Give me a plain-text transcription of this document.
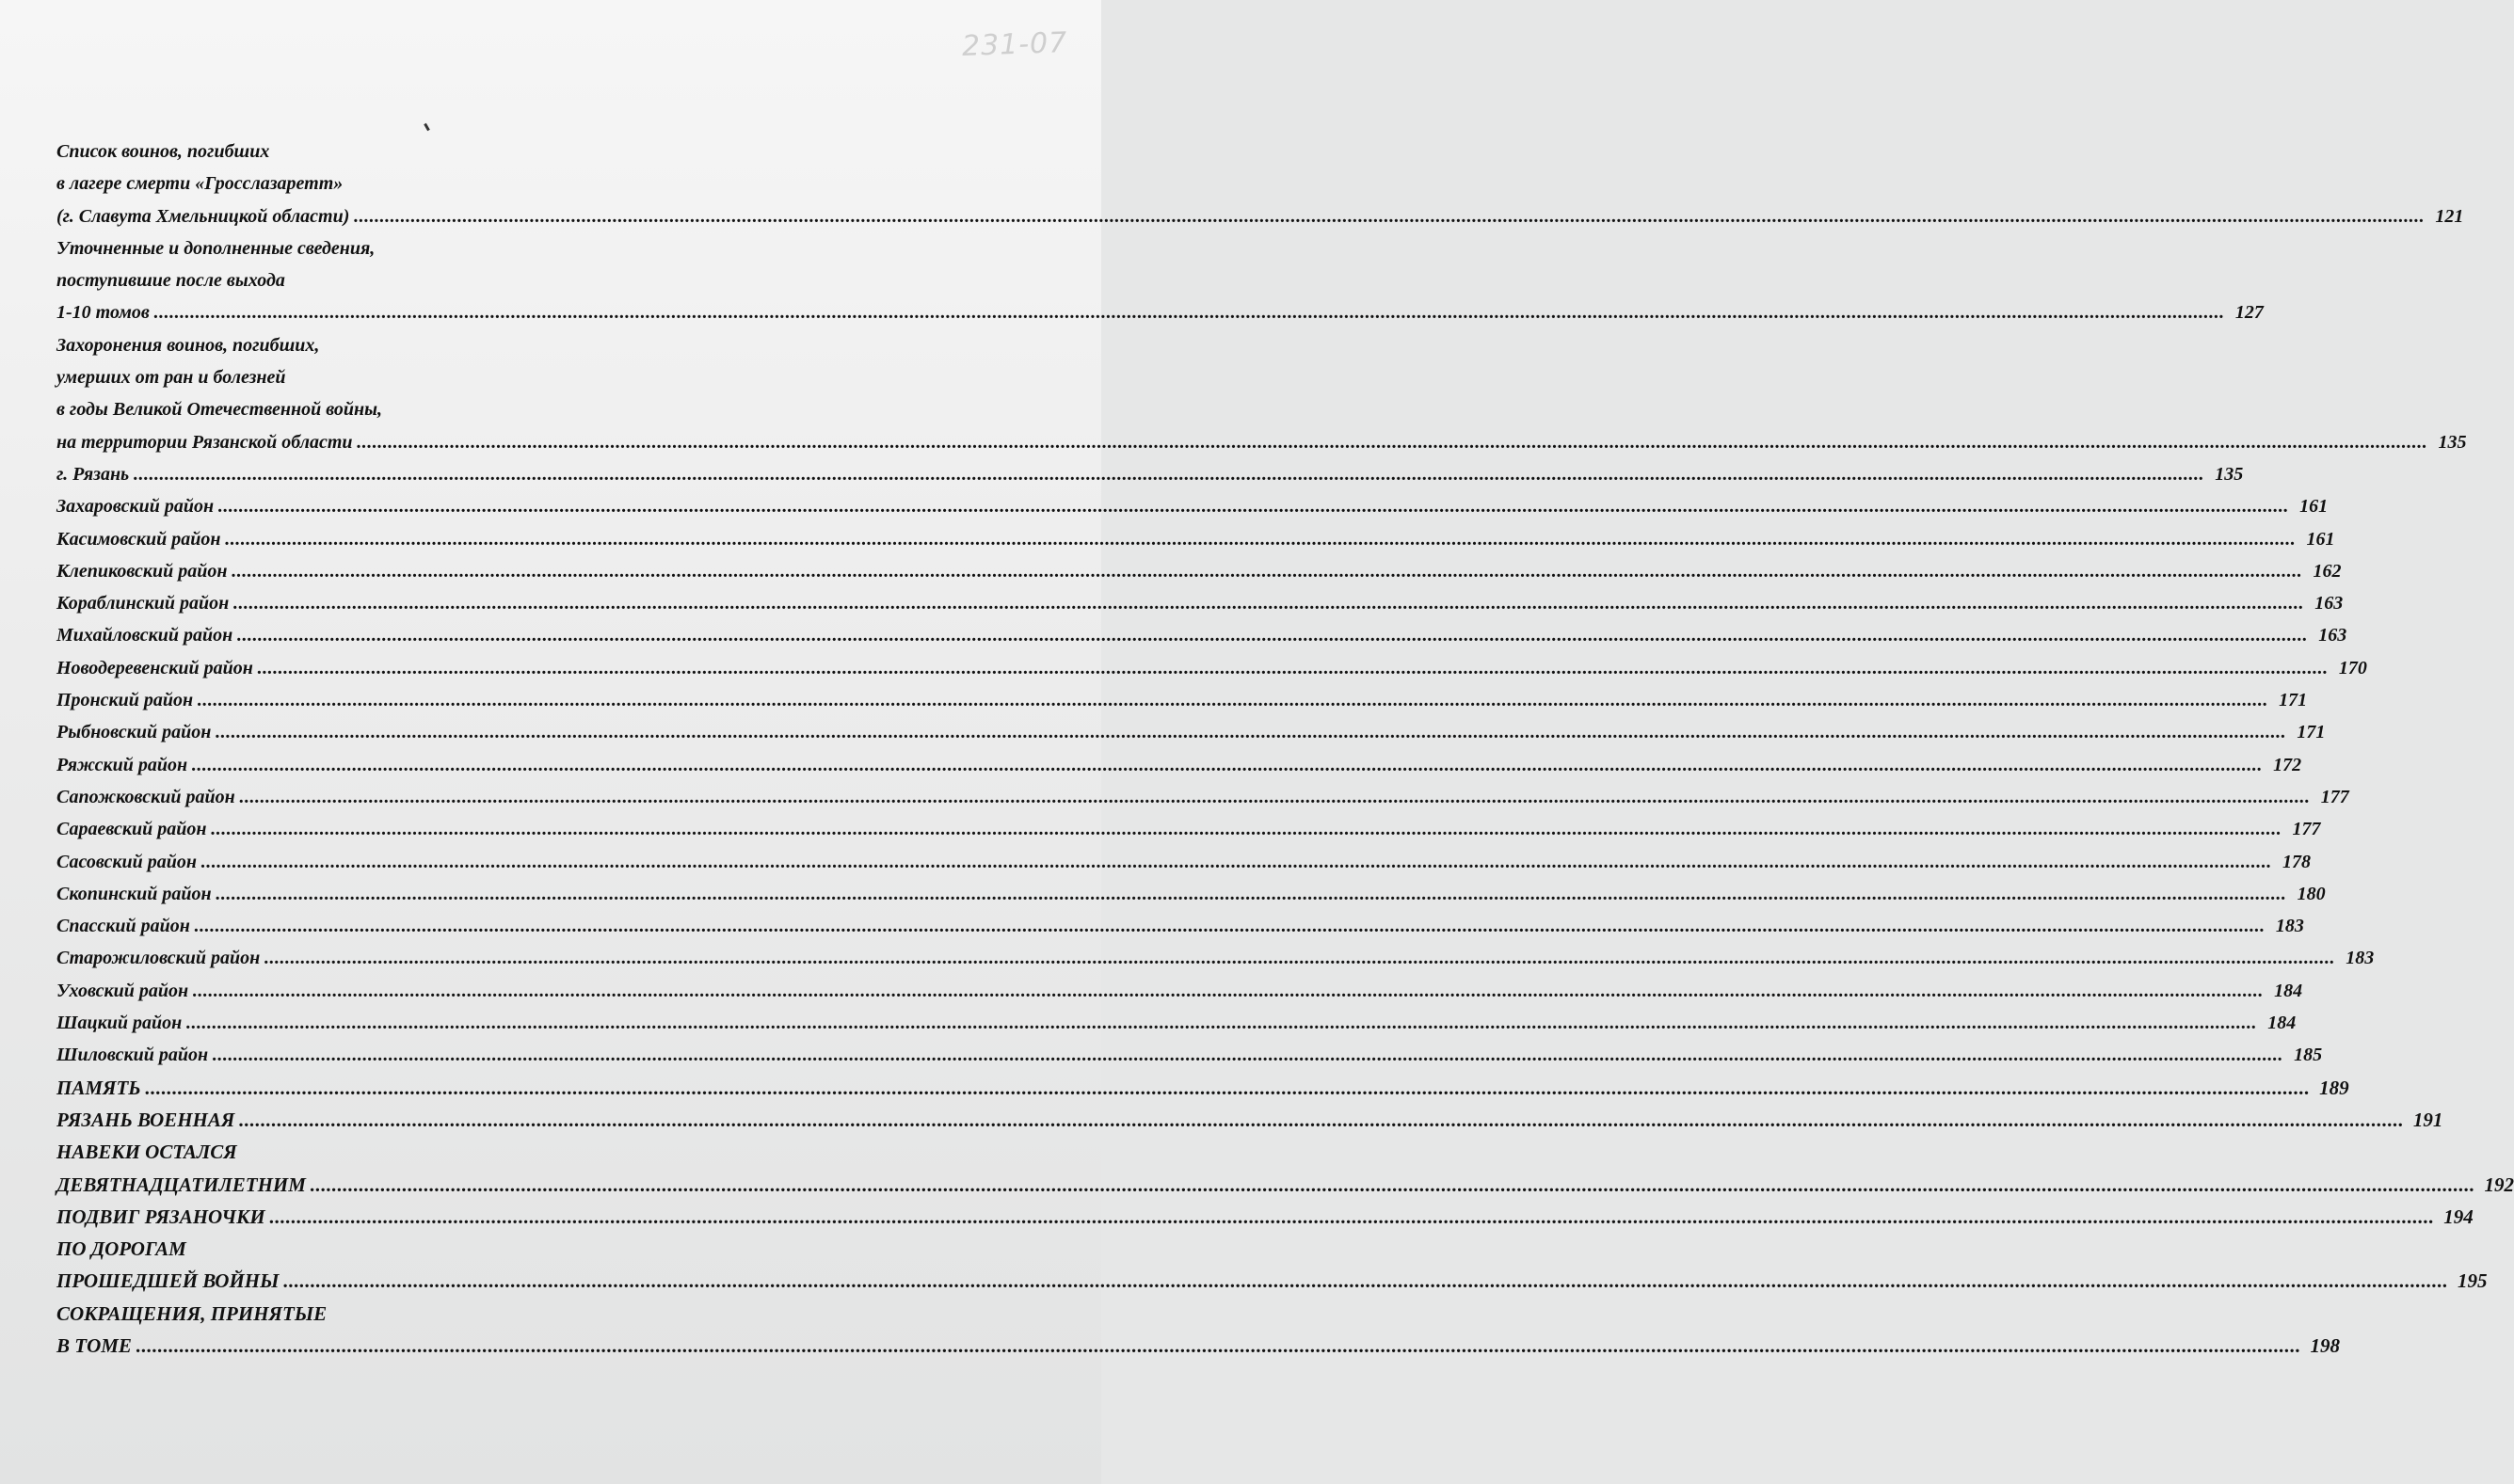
231-07
Список воинов, погибших
в лагере смерти «Гросслазаретт»
(г. Славута Хмельницкой области) ................................................................................................................................................................................................................................................................................................................................................................................................................ 121
Уточненные и дополненные сведения,
поступившие после выхода
1-10 томов ................................................................................................................................................................................................................................................................................................................................................................................................................ 127
Захоронения воинов, погибших,
умерших от ран и болезней
в годы Великой Отечественной войны,
на территории Рязанской области ................................................................................................................................................................................................................................................................................................................................................................................................................ 135
г. Рязань ................................................................................................................................................................................................................................................................................................................................................................................................................ 135
Захаровский район ................................................................................................................................................................................................................................................................................................................................................................................................................ 161
Касимовский район ................................................................................................................................................................................................................................................................................................................................................................................................................ 161
Клепиковский район ................................................................................................................................................................................................................................................................................................................................................................................................................ 162
Кораблинский район ................................................................................................................................................................................................................................................................................................................................................................................................................ 163
Михайловский район ................................................................................................................................................................................................................................................................................................................................................................................................................ 163
Новодеревенский район ................................................................................................................................................................................................................................................................................................................................................................................................................ 170
Пронский район ................................................................................................................................................................................................................................................................................................................................................................................................................ 171
Рыбновский район ................................................................................................................................................................................................................................................................................................................................................................................................................ 171
Ряжский район ................................................................................................................................................................................................................................................................................................................................................................................................................ 172
Сапожковский район ................................................................................................................................................................................................................................................................................................................................................................................................................ 177
Сараевский район ................................................................................................................................................................................................................................................................................................................................................................................................................ 177
Сасовский район ................................................................................................................................................................................................................................................................................................................................................................................................................ 178
Скопинский район ................................................................................................................................................................................................................................................................................................................................................................................................................ 180
Спасский район ................................................................................................................................................................................................................................................................................................................................................................................................................ 183
Старожиловский район ................................................................................................................................................................................................................................................................................................................................................................................................................ 183
Уховский район ................................................................................................................................................................................................................................................................................................................................................................................................................ 184
Шацкий район ................................................................................................................................................................................................................................................................................................................................................................................................................ 184
Шиловский район ................................................................................................................................................................................................................................................................................................................................................................................................................ 185
ПАМЯТЬ ................................................................................................................................................................................................................................................................................................................................................................................................................ 189
РЯЗАНЬ ВОЕННАЯ ................................................................................................................................................................................................................................................................................................................................................................................................................ 191
НАВЕКИ ОСТАЛСЯ
ДЕВЯТНАДЦАТИЛЕТНИМ ................................................................................................................................................................................................................................................................................................................................................................................................................ 192
ПОДВИГ РЯЗАНОЧКИ ................................................................................................................................................................................................................................................................................................................................................................................................................ 194
ПО ДОРОГАМ
ПРОШЕДШЕЙ ВОЙНЫ ................................................................................................................................................................................................................................................................................................................................................................................................................ 195
СОКРАЩЕНИЯ, ПРИНЯТЫЕ
В ТОМЕ ................................................................................................................................................................................................................................................................................................................................................................................................................ 198
